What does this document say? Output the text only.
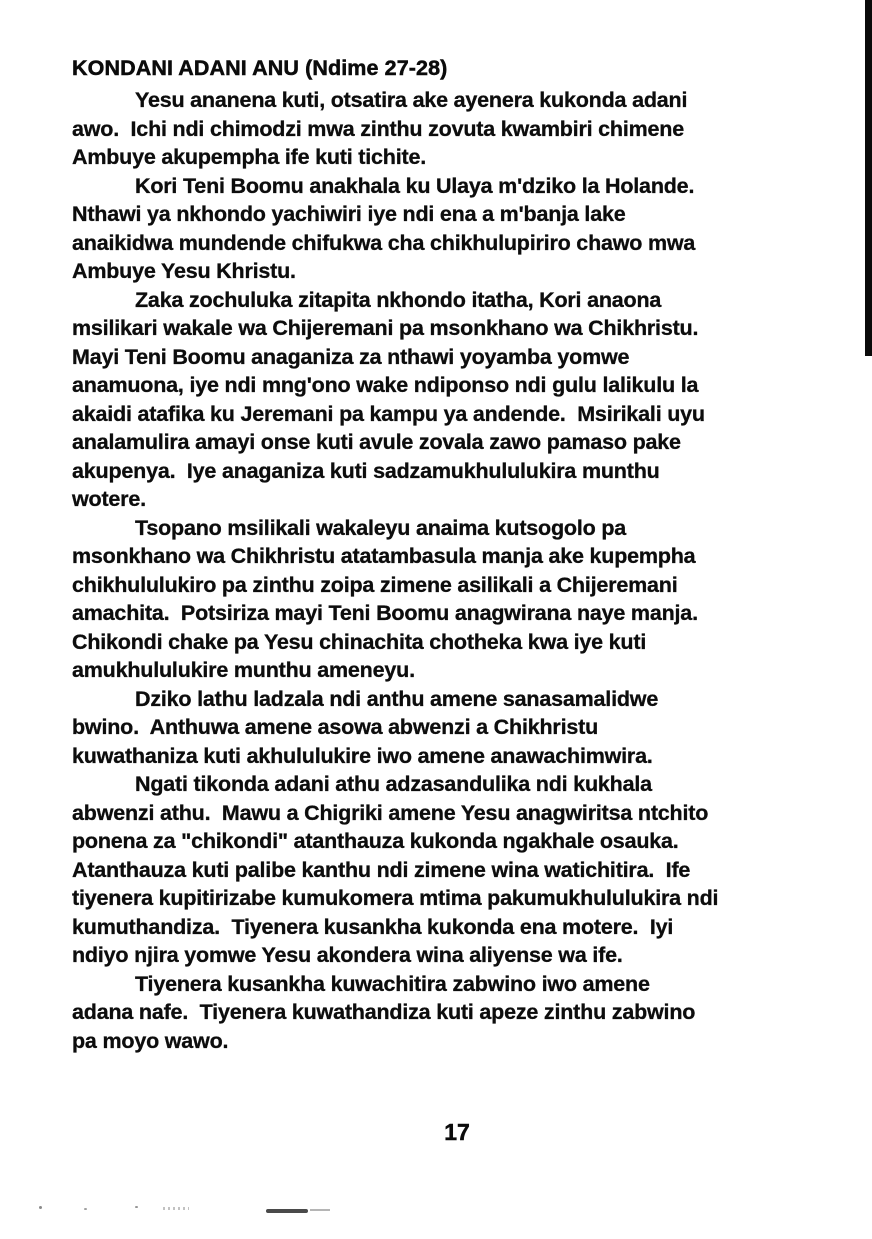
KONDANI ADANI ANU (Ndime 27-28)
Yesu ananena kuti, otsatira ake ayenera kukonda adani
awo.  Ichi ndi chimodzi mwa zinthu zovuta kwambiri chimene
Ambuye akupempha ife kuti tichite.
Kori Teni Boomu anakhala ku Ulaya m'dziko la Holande.
Nthawi ya nkhondo yachiwiri iye ndi ena a m'banja lake
anaikidwa mundende chifukwa cha chikhulupiriro chawo mwa
Ambuye Yesu Khristu.
Zaka zochuluka zitapita nkhondo itatha, Kori anaona
msilikari wakale wa Chijeremani pa msonkhano wa Chikhristu.
Mayi Teni Boomu anaganiza za nthawi yoyamba yomwe
anamuona, iye ndi mng'ono wake ndiponso ndi gulu lalikulu la
akaidi atafika ku Jeremani pa kampu ya andende.  Msirikali uyu
analamulira amayi onse kuti avule zovala zawo pamaso pake
akupenya.  Iye anaganiza kuti sadzamukhululukira munthu
wotere.
Tsopano msilikali wakaleyu anaima kutsogolo pa
msonkhano wa Chikhristu atatambasula manja ake kupempha
chikhululukiro pa zinthu zoipa zimene asilikali a Chijeremani
amachita.  Potsiriza mayi Teni Boomu anagwirana naye manja.
Chikondi chake pa Yesu chinachita chotheka kwa iye kuti
amukhululukire munthu ameneyu.
Dziko lathu ladzala ndi anthu amene sanasamalidwe
bwino.  Anthuwa amene asowa abwenzi a Chikhristu
kuwathaniza kuti akhululukire iwo amene anawachimwira.
Ngati tikonda adani athu adzasandulika ndi kukhala
abwenzi athu.  Mawu a Chigriki amene Yesu anagwiritsa ntchito
ponena za "chikondi" atanthauza kukonda ngakhale osauka.
Atanthauza kuti palibe kanthu ndi zimene wina watichitira.  Ife
tiyenera kupitirizabe kumukomera mtima pakumukhululukira ndi
kumuthandiza.  Tiyenera kusankha kukonda ena motere.  Iyi
ndiyo njira yomwe Yesu akondera wina aliyense wa ife.
Tiyenera kusankha kuwachitira zabwino iwo amene
adana nafe.  Tiyenera kuwathandiza kuti apeze zinthu zabwino
pa moyo wawo.
17
